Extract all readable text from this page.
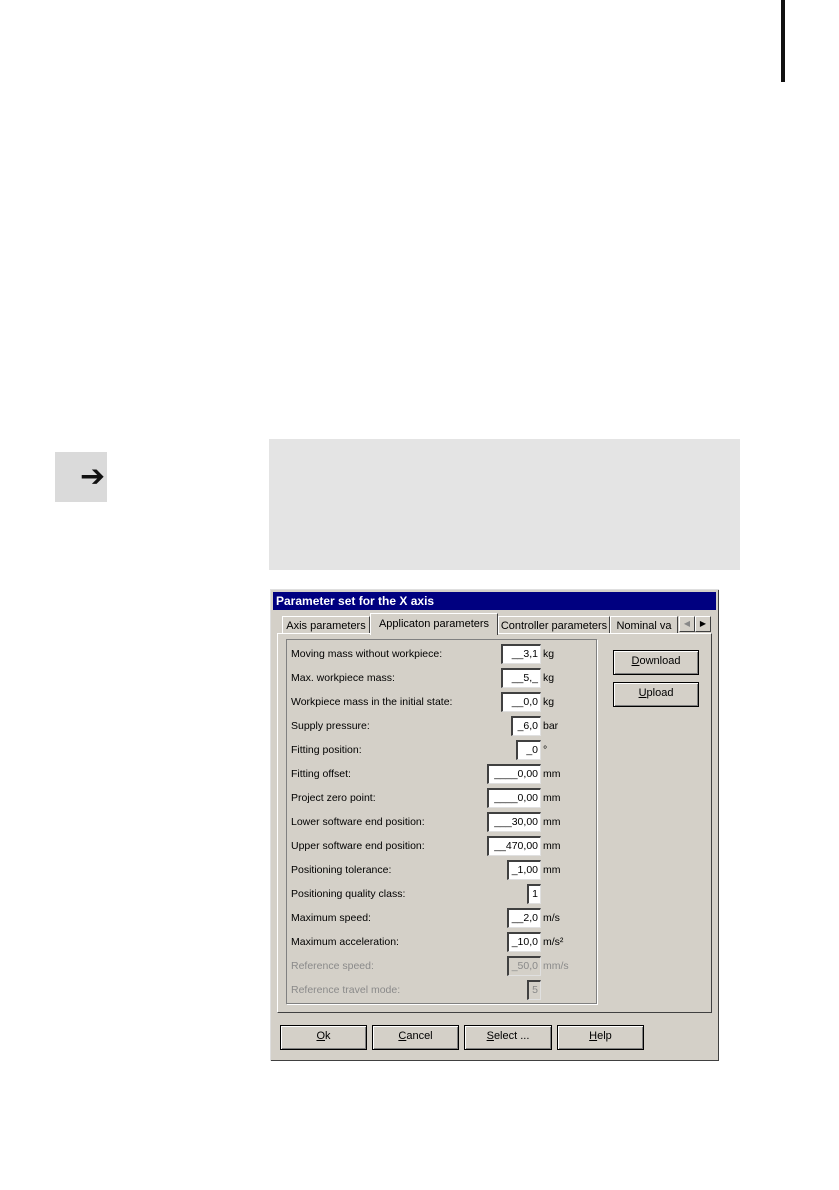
➔
Parameter set for the X axis
Axis parameters	Applicaton parameters	Controller parameters Nominal va	◀	▶
Moving mass without workpiece:	__3,1 kg
Max. workpiece mass:	__5,_ kg
Workpiece mass in the initial state:	__0,0 kg
Supply pressure:	_6,0 bar
Fitting position:	_0 °
Fitting offset:	____0,00 mm
Project zero point:	____0,00 mm
Lower software end position:	___30,00 mm
Upper software end position:	__470,00 mm
Positioning tolerance:	_1,00 mm
Positioning quality class:	1
Maximum speed:	__2,0 m/s
Maximum acceleration:	_10,0 m/s²
Reference speed:	_50,0 mm/s
Reference travel mode:	5
Download
Upload
Ok	Cancel	Select ...	Help
